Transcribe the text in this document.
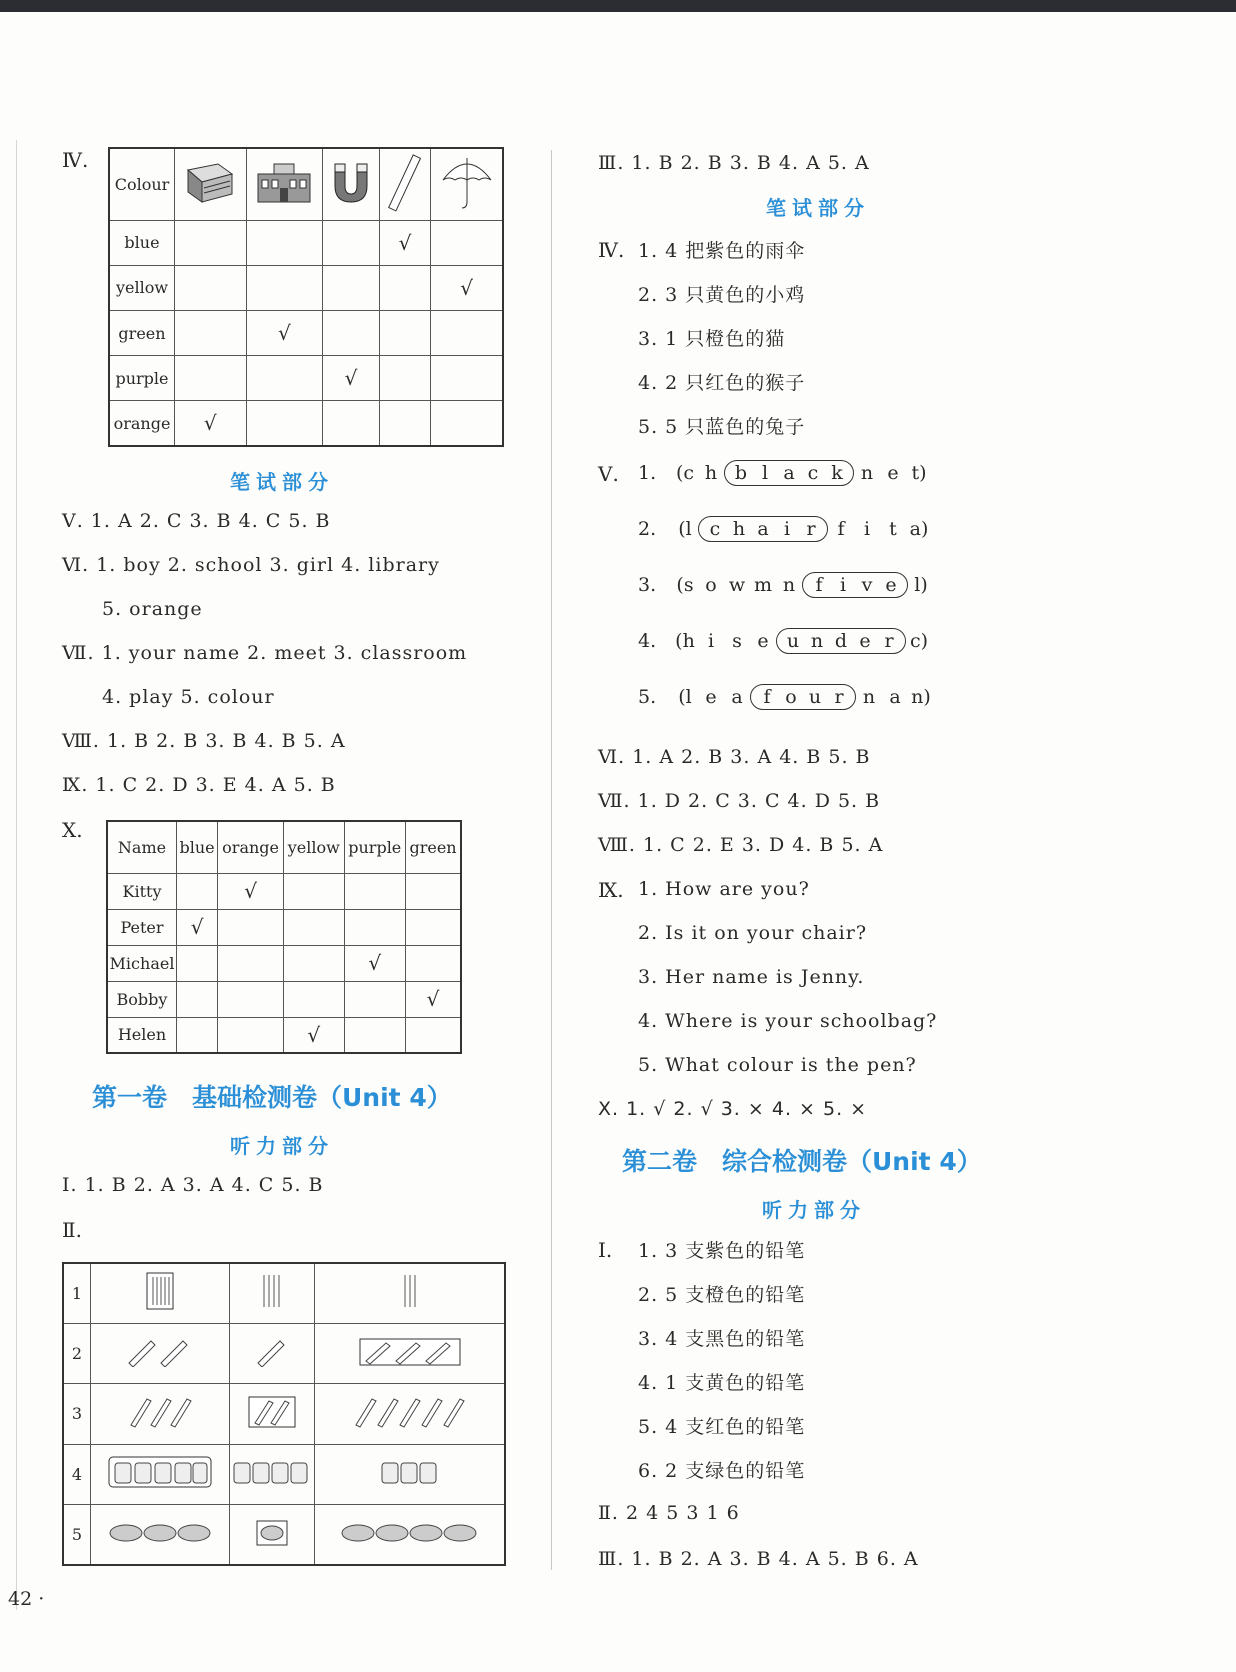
Ⅳ.
Colour					
blue				√	
yellow					√
green		√			
purple			√		
orange	√				
笔试部分
Ⅴ. 1. A 2. C 3. B 4. C 5. B
Ⅵ. 1. boy 2. school 3. girl 4. library
5. orange
Ⅶ. 1. your name 2. meet 3. classroom
4. play 5. colour
Ⅷ. 1. B 2. B 3. B 4. B 5. A
Ⅸ. 1. C 2. D 3. E 4. A 5. B
Ⅹ.
Name	blue	orange	yellow	purple	green
Kitty		√			
Peter	√				
Michael				√	
Bobby					√
Helen			√		
第一卷　基础检测卷（Unit 4）
听力部分
Ⅰ. 1. B 2. A 3. A 4. C 5. B
Ⅱ.
1			
2			
3			
4			
5			
42 ·
Ⅲ. 1. B 2. B 3. B 4. A 5. A
笔试部分
Ⅳ. 1. 4 把紫色的雨伞
2. 3 只黄色的小鸡
3. 1 只橙色的猫
4. 2 只红色的猴子
5. 5 只蓝色的兔子
Ⅴ. 1.	(c h b l a c k n e t)
2.	(l c h a i r	f	i	t a)
3.	(s o w m n	f i v e l)
4.	(h i s e u n d e r c)
5.	(l e a	f o u r	n a n)
Ⅵ. 1. A 2. B 3. A 4. B 5. B
Ⅶ. 1. D 2. C 3. C 4. D 5. B
Ⅷ. 1. C 2. E 3. D 4. B 5. A
Ⅸ. 1. How are you?
2. Is it on your chair?
3. Her name is Jenny.
4. Where is your schoolbag?
5. What colour is the pen?
Ⅹ. 1. √ 2. √ 3. × 4. × 5. ×
第二卷　综合检测卷（Unit 4）
听力部分
Ⅰ. 1. 3 支紫色的铅笔
2. 5 支橙色的铅笔
3. 4 支黑色的铅笔
4. 1 支黄色的铅笔
5. 4 支红色的铅笔
6. 2 支绿色的铅笔
Ⅱ. 2 4 5 3 1 6
Ⅲ. 1. B 2. A 3. B 4. A 5. B 6. A
